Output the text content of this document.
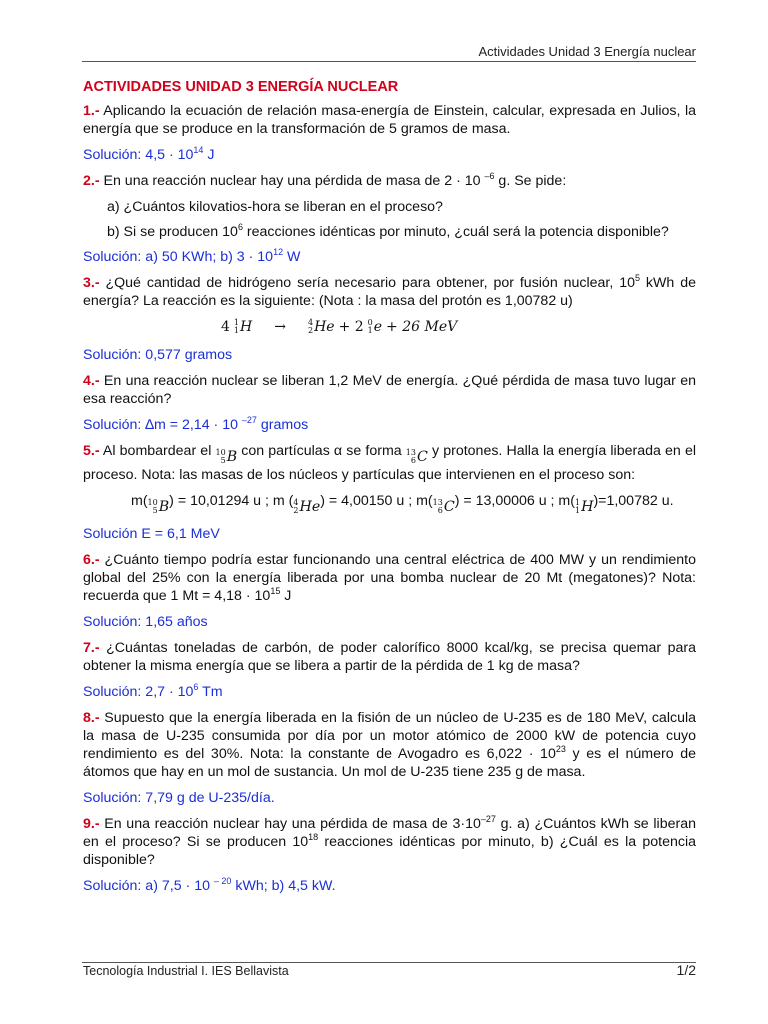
Actividades Unidad 3 Energía nuclear
ACTIVIDADES UNIDAD 3 ENERGÍA NUCLEAR

1.- Aplicando la ecuación de relación masa-energía de Einstein, calcular, expresada en Julios, la energía que se produce en la transformación de 5 gramos de masa.

Solución: $4,5 \cdot 10^{14}$ J

2.- En una reacción nuclear hay una pérdida de masa de 2 · 10 $^{-6}$ g. Se pide:

a) ¿Cuántos kilovatios-hora se liberan en el proceso?

b) Si se producen $10^6$ reacciones idénticas por minuto, ¿cuál será la potencia disponible?

Solución: a) 50 KWh; b) $3 \cdot 10^{12}$ W

3.- ¿Qué cantidad de hidrógeno sería necesario para obtener, por fusión nuclear, $10^5$ kWh de energía? La reacción es la siguiente: (Nota : la masa del protón es 1,00782 u)

4 1
1 H →	4
2 He + 2 0
1 e + 26 MeV

Solución: 0,577 gramos

4.- En una reacción nuclear se liberan 1,2 MeV de energía. ¿Qué pérdida de masa tuvo lugar en esa reacción?

Solución: ∆m = 2,14 · 10 $^{-27}$ gramos

5.- Al bombardear el 10
5 B con partículas α se forma 13
6 C y protones. Halla la energía liberada en el proceso. Nota: las masas de los núcleos y partículas que intervienen en el proceso son:

m( 10
5 B ) = 10,01294 u ; m ( 4
2 He ) = 4,00150 u ; m( 13
6 C ) = 13,00006 u ; m( 1
1 H )=1,00782 u.

Solución E = 6,1 MeV

6.- ¿Cuánto tiempo podría estar funcionando una central eléctrica de 400 MW y un rendimiento global del 25% con la energía liberada por una bomba nuclear de 20 Mt (megatones)? Nota: recuerda que 1 $Mt = 4,18 \cdot 10^{15}$ J

Solución: 1,65 años

7.- ¿Cuántas toneladas de carbón, de poder calorífico 8000 kcal/kg, se precisa quemar para obtener la misma energía que se libera a partir de la pérdida de 1 kg de masa?

Solución: $2,7 \cdot 10^6$ Tm

8.- Supuesto que la energía liberada en la fisión de un núcleo de U-235 es de 180 MeV, calcula la masa de U-235 consumida por día por un motor atómico de 2000 kW de potencia cuyo rendimiento es del 30%. Nota: la constante de Avogadro es $6,022 \cdot 10^{23}$ y es el número de átomos que hay en un mol de sustancia. Un mol de U-235 tiene 235 g de masa.

Solución: 7,79 g de U-235/día.

9.- En una reacción nuclear hay una pérdida de masa de $3\cdot 10^{-27}$ g. a) ¿Cuántos kWh se liberan en el proceso? Si se producen $10^{18}$ reacciones idénticas por minuto, b) ¿Cuál es la potencia disponible?

Solución: a) 7,5 · 10 $^{- 20}$ kWh; b) 4,5 kW.

Tecnología Industrial I. IES Bellavista	1/2
